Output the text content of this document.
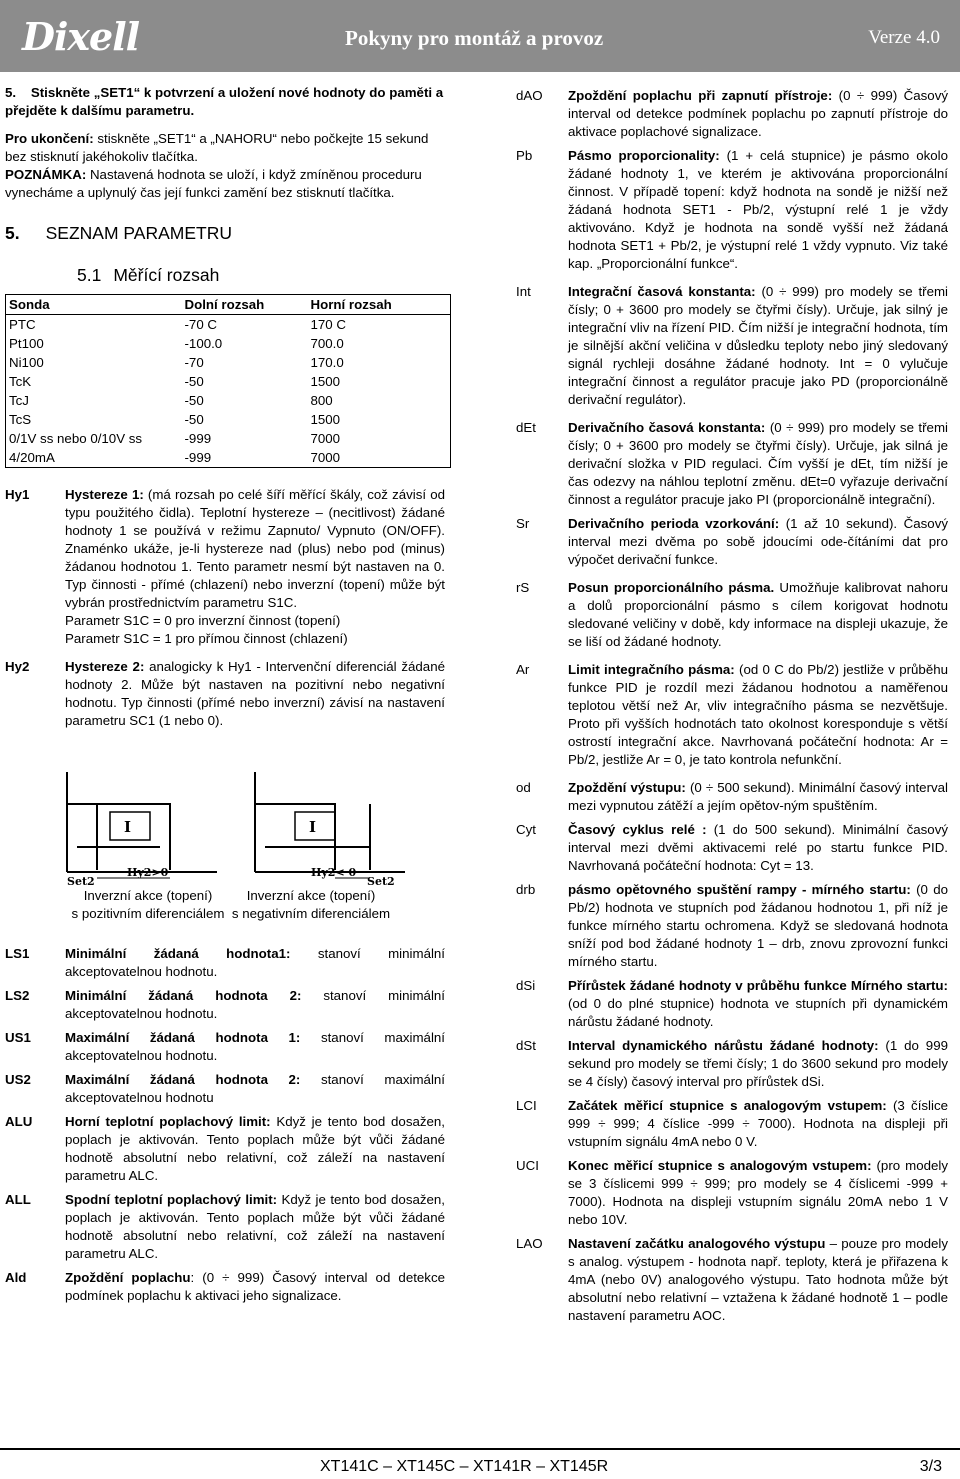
Dixell	Pokyny pro montáž a provoz	Verze 4.0

5. Stiskněte „SET1“ k potvrzení a uložení nové hodnoty do paměti a přejděte k dalšímu parametru.

Pro ukončení: stiskněte „SET1“ a „NAHORU“ nebo počkejte 15 sekund bez stisknutí jakéhokoliv tlačítka.

POZNÁMKA: Nastavená hodnota se uloží, i když zmíněnou proceduru vynecháme a uplynulý čas její funkci zamění bez stisknutí tlačítka.

5. SEZNAM PARAMETRU
5.1 Měřící rozsah
Sonda	Dolní rozsah	Horní rozsah
PTC	-70 C	170 C
Pt100	-100.0	700.0
Ni100	-70	170.0
TcK	-50	1500
TcJ	-50	800
TcS	-50	1500
0/1V ss nebo 0/10V ss	-999	7000
4/20mA	-999	7000
Hy1	Hystereze 1: (má rozsah po celé šíří měřící škály, což závisí od typu použitého čidla). Teplotní hystereze – (necitlivost) žádané hodnoty 1 se používá v režimu Zapnuto/ Vypnuto (ON/OFF). Znaménko ukáže, je-li hystereze nad (plus) nebo pod (minus) žádanou hodnotou 1. Tento parametr nesmí být nastaven na 0. Typ činnosti - přímé (chlazení) nebo inverzní (topení) může být vybrán prostřednictvím parametru S1C.
Parametr S1C = 0 pro inverzní činnost (topení)
Parametr S1C = 1 pro přímou činnost (chlazení)
Hy2	Hystereze 2: analogicky k Hy1 - Intervenční diferenciál žádané hodnoty 2. Může být nastaven na pozitivní nebo negativní hodnotu. Typ činnosti (přímé nebo inverzní) závisí na nastavení parametru SC1 (1 nebo 0).
I
Set2
Hy2>0
I
Hy2< 0
Set2
Inverzní akce (topení)
s pozitivním diferenciálem
Inverzní akce (topení)
s negativním diferenciálem
LS1	Minimální žádaná hodnota1: stanoví minimální akceptovatelnou hodnotu.
LS2	Minimální žádaná hodnota 2: stanoví minimální akceptovatelnou hodnotu.
US1	Maximální žádaná hodnota 1: stanoví maximální akceptovatelnou hodnotu.
US2	Maximální žádaná hodnota 2: stanoví maximální akceptovatelnou hodnotu
ALU	Horní teplotní poplachový limit: Když je tento bod dosažen, poplach je aktivován. Tento poplach může být vůči žádané hodnotě absolutní nebo relativní, což záleží na nastavení parametru ALC.
ALL	Spodní teplotní poplachový limit: Když je tento bod dosažen, poplach je aktivován. Tento poplach může být vůči žádané hodnotě absolutní nebo relativní, což záleží na nastavení parametru ALC.
Ald	Zpoždění poplachu: (0 ÷ 999) Časový interval od detekce podmínek poplachu k aktivaci jeho signalizace.
dAO	Zpoždění poplachu při zapnutí přístroje: (0 ÷ 999) Časový interval od detekce podmínek poplachu po zapnutí přístroje do aktivace poplachové signalizace.
Pb	Pásmo proporcionality: (1 + celá stupnice) je pásmo okolo žádané hodnoty 1, ve kterém je aktivována proporcionální činnost. V případě topení: když hodnota na sondě je nižší než žádaná hodnota SET1 - Pb/2, výstupní relé 1 je vždy aktivováno. Když je hodnota na sondě vyšší než žádaná hodnota SET1 + Pb/2, je výstupní relé 1 vždy vypnuto. Viz také kap. „Proporcionální funkce“.
Int	Integrační časová konstanta: (0 ÷ 999) pro modely se třemi čísly; 0 + 3600 pro modely se čtyřmi čísly). Určuje, jak silný je integrační vliv na řízení PID. Čím nižší je integrační hodnota, tím je silnější akční veličina v důsledku teploty nebo jiný sledovaný signál rychleji dosáhne žádané hodnoty. Int = 0 vylučuje integrační činnost a regulátor pracuje jako PD (proporcionálně derivační regulátor).
dEt	Derivačního časová konstanta: (0 ÷ 999) pro modely se třemi čísly; 0 + 3600 pro modely se čtyřmi čísly). Určuje, jak silná je derivační složka v PID regulaci. Čím vyšší je dEt, tím nižší je čas odezvy na náhlou teplotní změnu. dEt=0 vyřazuje derivační činnost a regulátor pracuje jako PI (proporcionálně integrační).
Sr	Derivačního perioda vzorkování: (1 až 10 sekund). Časový interval mezi dvěma po sobě jdoucími ode-čítáními dat pro výpočet derivační funkce.
rS	Posun proporcionálního pásma. Umožňuje kalibrovat nahoru a dolů proporcionální pásmo s cílem korigovat hodnotu sledované veličiny v době, kdy informace na displeji ukazuje, že se liší od žádané hodnoty.
Ar	Limit integračního pásma: (od 0 C do Pb/2) jestliže v průběhu funkce PID je rozdíl mezi žádanou hodnotou a naměřenou teplotou větší než Ar, vliv integračního pásma se nezvětšuje. Proto při vyšších hodnotách tato okolnost koresponduje s větší ostrostí integrační akce. Navrhovaná počáteční hodnota: Ar = Pb/2, jestliže Ar = 0, je tato kontrola nefunkční.
od	Zpoždění výstupu: (0 ÷ 500 sekund). Minimální časový interval mezi vypnutou zátěží a jejím opětov-ným spuštěním.
Cyt	Časový cyklus relé : (1 do 500 sekund). Minimální časový interval mezi dvěmi aktivacemi relé po startu funkce PID. Navrhovaná počáteční hodnota: Cyt = 13.
drb	pásmo opětovného spuštění rampy - mírného startu: (0 do Pb/2) hodnota ve stupních pod žádanou hodnotou 1, při níž je funkce mírného startu ochromena. Když se sledovaná hodnota sníží pod bod žádané hodnoty 1 – drb, znovu zprovozní funkci mírného startu.
dSi	Přírůstek žádané hodnoty v průběhu funkce Mírného startu: (od 0 do plné stupnice) hodnota ve stupních při dynamickém nárůstu žádané hodnoty.
dSt	Interval dynamického nárůstu žádané hodnoty: (1 do 999 sekund pro modely se třemi čísly; 1 do 3600 sekund pro modely se 4 čísly) časový interval pro přírůstek dSi.
LCI	Začátek měřicí stupnice s analogovým vstupem: (3 číslice 999 ÷ 999; 4 číslice -999 ÷ 7000). Hodnota na displeji při vstupním signálu 4mA nebo 0 V.
UCI	Konec měřicí stupnice s analogovým vstupem: (pro modely se 3 číslicemi 999 ÷ 999; pro modely se 4 číslicemi -999 + 7000). Hodnota na displeji vstupním signálu 20mA nebo 1 V nebo 10V.
LAO	Nastavení začátku analogového výstupu – pouze pro modely s analog. výstupem - hodnota např. teploty, která je přiřazena k 4mA (nebo 0V) analogového výstupu. Tato hodnota může být absolutní nebo relativní – vztažena k žádané hodnotě 1 – podle nastavení parametru AOC.
XT141C – XT145C – XT141R – XT145R	3/3
